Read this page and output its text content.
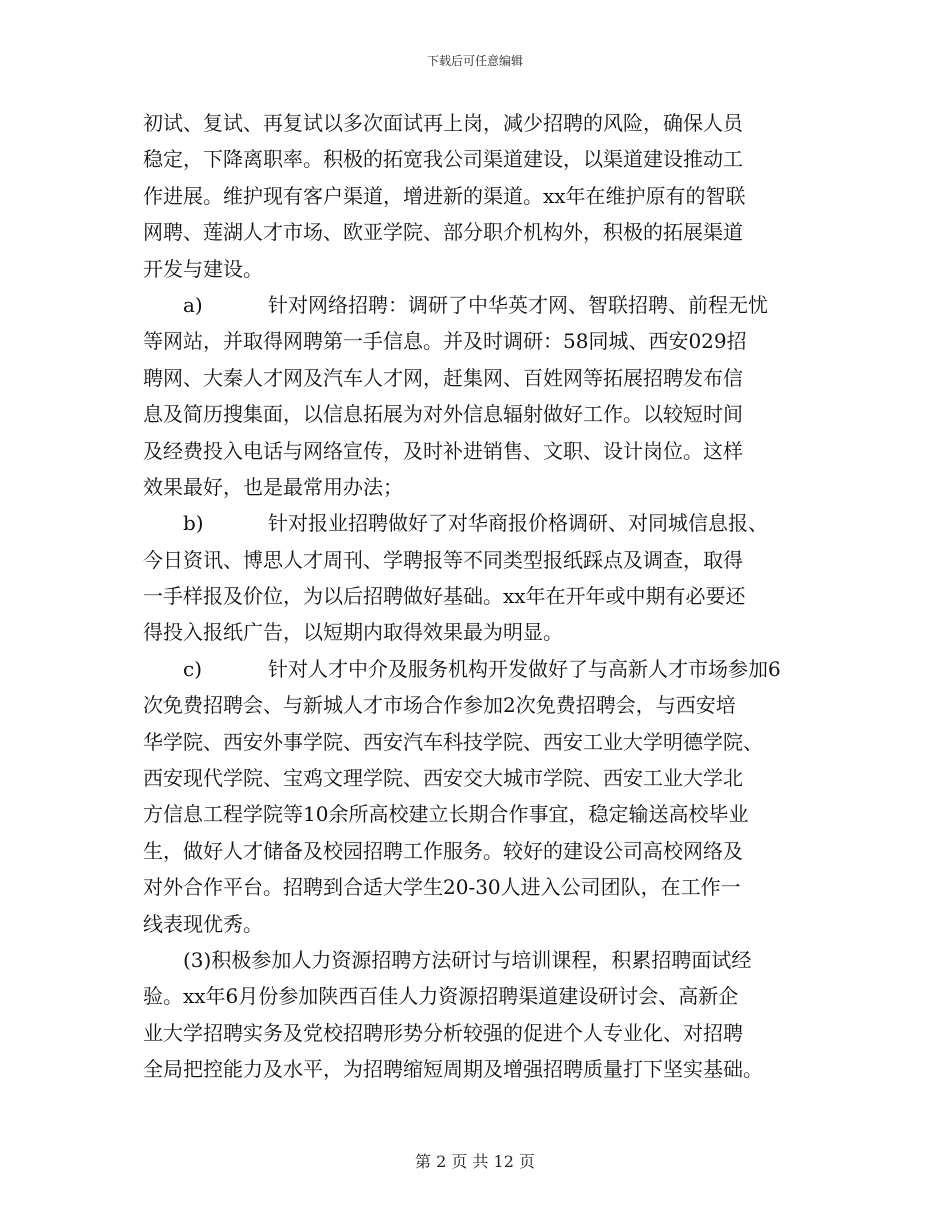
下载后可任意编辑
初试、复试、再复试以多次面试再上岗，减少招聘的风险，确保人员
稳定，下降离职率。积极的拓宽我公司渠道建设，以渠道建设推动工
作进展。维护现有客户渠道，增进新的渠道。xx年在维护原有的智联
网聘、莲湖人才市场、欧亚学院、部分职介机构外，积极的拓展渠道
开发与建设。
a)	针对网络招聘：调研了中华英才网、智联招聘、前程无忧
等网站，并取得网聘第一手信息。并及时调研：58同城、西安029招
聘网、大秦人才网及汽车人才网，赶集网、百姓网等拓展招聘发布信
息及简历搜集面，以信息拓展为对外信息辐射做好工作。以较短时间
及经费投入电话与网络宣传，及时补进销售、文职、设计岗位。这样
效果最好，也是最常用办法；
b)	针对报业招聘做好了对华商报价格调研、对同城信息报、
今日资讯、博思人才周刊、学聘报等不同类型报纸踩点及调查，取得
一手样报及价位，为以后招聘做好基础。xx年在开年或中期有必要还
得投入报纸广告，以短期内取得效果最为明显。
c)	针对人才中介及服务机构开发做好了与高新人才市场参加6
次免费招聘会、与新城人才市场合作参加2次免费招聘会，与西安培
华学院、西安外事学院、西安汽车科技学院、西安工业大学明德学院、
西安现代学院、宝鸡文理学院、西安交大城市学院、西安工业大学北
方信息工程学院等10余所高校建立长期合作事宜，稳定输送高校毕业
生，做好人才储备及校园招聘工作服务。较好的建设公司高校网络及
对外合作平台。招聘到合适大学生20-30人进入公司团队，在工作一
线表现优秀。
(3)积极参加人力资源招聘方法研讨与培训课程，积累招聘面试经
验。xx年6月份参加陕西百佳人力资源招聘渠道建设研讨会、高新企
业大学招聘实务及党校招聘形势分析较强的促进个人专业化、对招聘
全局把控能力及水平，为招聘缩短周期及增强招聘质量打下坚实基础。
第 2 页 共 12 页
